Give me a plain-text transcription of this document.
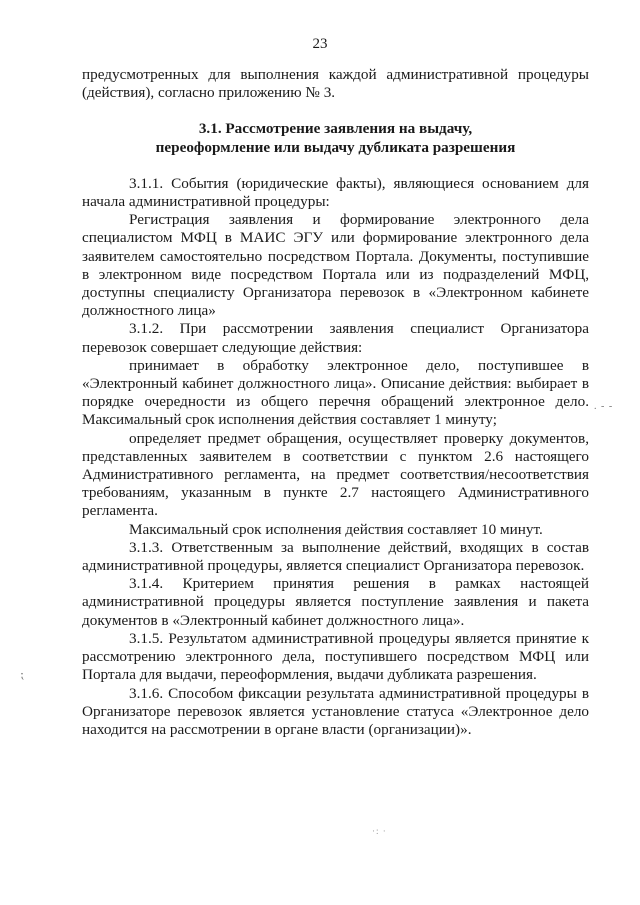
23

предусмотренных для выполнения каждой административной процедуры (действия), согласно приложению № 3.

3.1. Рассмотрение заявления на выдачу,
переоформление или выдачу дубликата разрешения

3.1.1. События (юридические факты), являющиеся основанием для начала административной процедуры:

Регистрация заявления и формирование электронного дела специалистом МФЦ в МАИС ЭГУ или формирование электронного дела заявителем самостоятельно посредством Портала. Документы, поступившие в электронном виде посредством Портала или из подразделений МФЦ, доступны специалисту Организатора перевозок в «Электронном кабинете должностного лица»

3.1.2. При рассмотрении заявления специалист Организатора перевозок совершает следующие действия:

принимает в обработку электронное дело, поступившее в «Электронный кабинет должностного лица». Описание действия: выбирает в порядке очередности из общего перечня обращений электронное дело. Максимальный срок исполнения действия составляет 1 минуту;

определяет предмет обращения, осуществляет проверку документов, представленных заявителем в соответствии с пунктом 2.6 настоящего Административного регламента, на предмет соответствия/несоответствия требованиям, указанным в пункте 2.7 настоящего Административного регламента.

Максимальный срок исполнения действия составляет 10 минут.

3.1.3. Ответственным за выполнение действий, входящих в состав административной процедуры, является специалист Организатора перевозок.

3.1.4. Критерием принятия решения в рамках настоящей административной процедуры является поступление заявления и пакета документов в «Электронный кабинет должностного лица».

3.1.5. Результатом административной процедуры является принятие к рассмотрению электронного дела, поступившего посредством МФЦ или Портала для выдачи, переоформления, выдачи дубликата разрешения.

3.1.6. Способом фиксации результата административной процедуры в Организаторе перевозок является установление статуса «Электронное дело находится на рассмотрении в органе власти (организации)».

. - -
⁏
·: ·
